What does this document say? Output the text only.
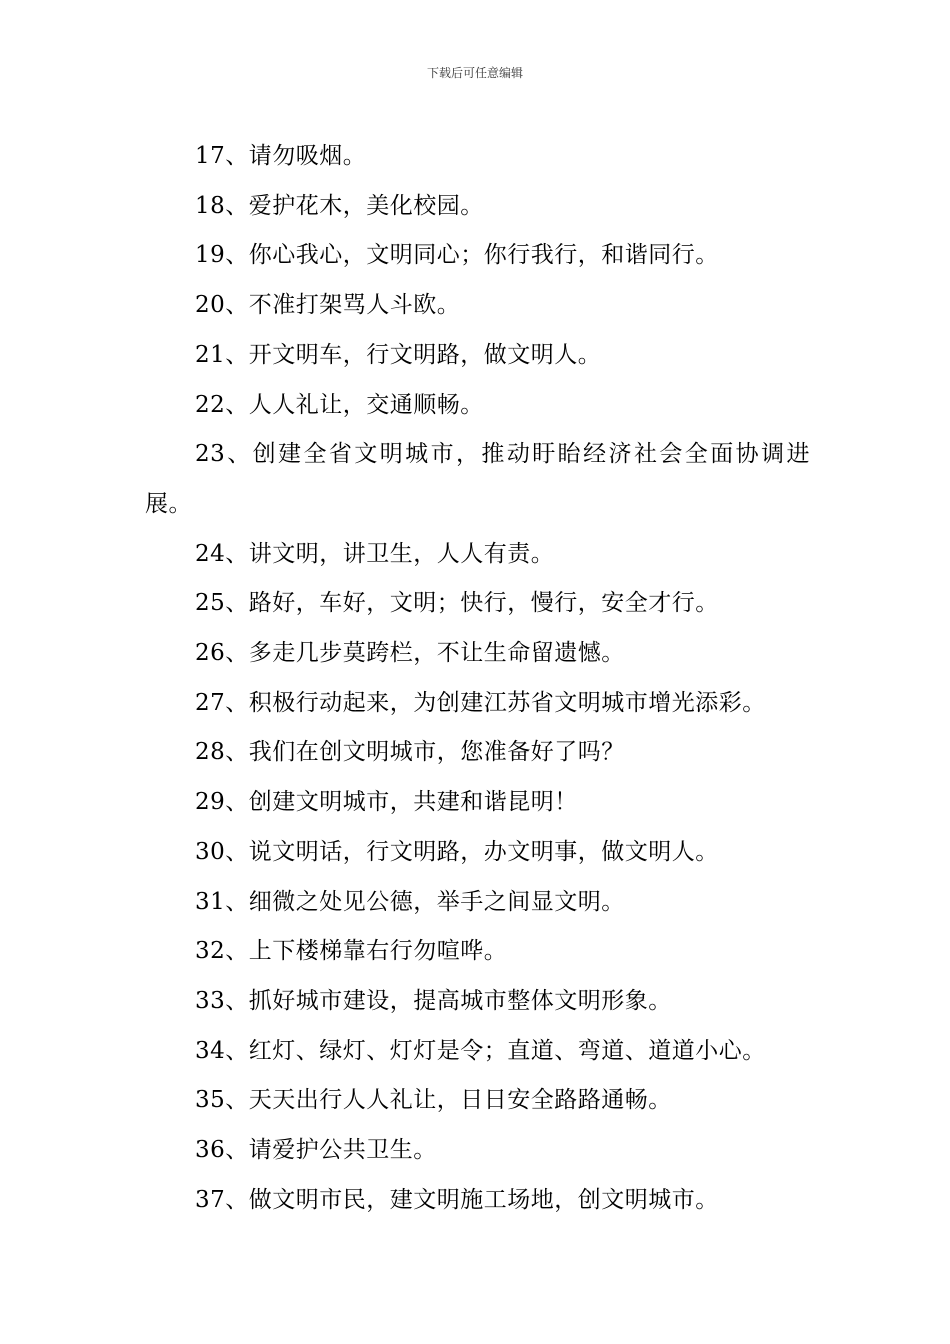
下载后可任意编辑
17、请勿吸烟。
18、爱护花木，美化校园。
19、你心我心，文明同心；你行我行，和谐同行。
20、不准打架骂人斗欧。
21、开文明车，行文明路，做文明人。
22、人人礼让，交通顺畅。
23、创建全省文明城市，推动盱眙经济社会全面协调进展。
24、讲文明，讲卫生，人人有责。
25、路好，车好，文明；快行，慢行，安全才行。
26、多走几步莫跨栏，不让生命留遗憾。
27、积极行动起来，为创建江苏省文明城市增光添彩。
28、我们在创文明城市，您准备好了吗？
29、创建文明城市，共建和谐昆明！
30、说文明话，行文明路，办文明事，做文明人。
31、细微之处见公德，举手之间显文明。
32、上下楼梯靠右行勿喧哗。
33、抓好城市建设，提高城市整体文明形象。
34、红灯、绿灯、灯灯是令；直道、弯道、道道小心。
35、天天出行人人礼让，日日安全路路通畅。
36、请爱护公共卫生。
37、做文明市民，建文明施工场地，创文明城市。
